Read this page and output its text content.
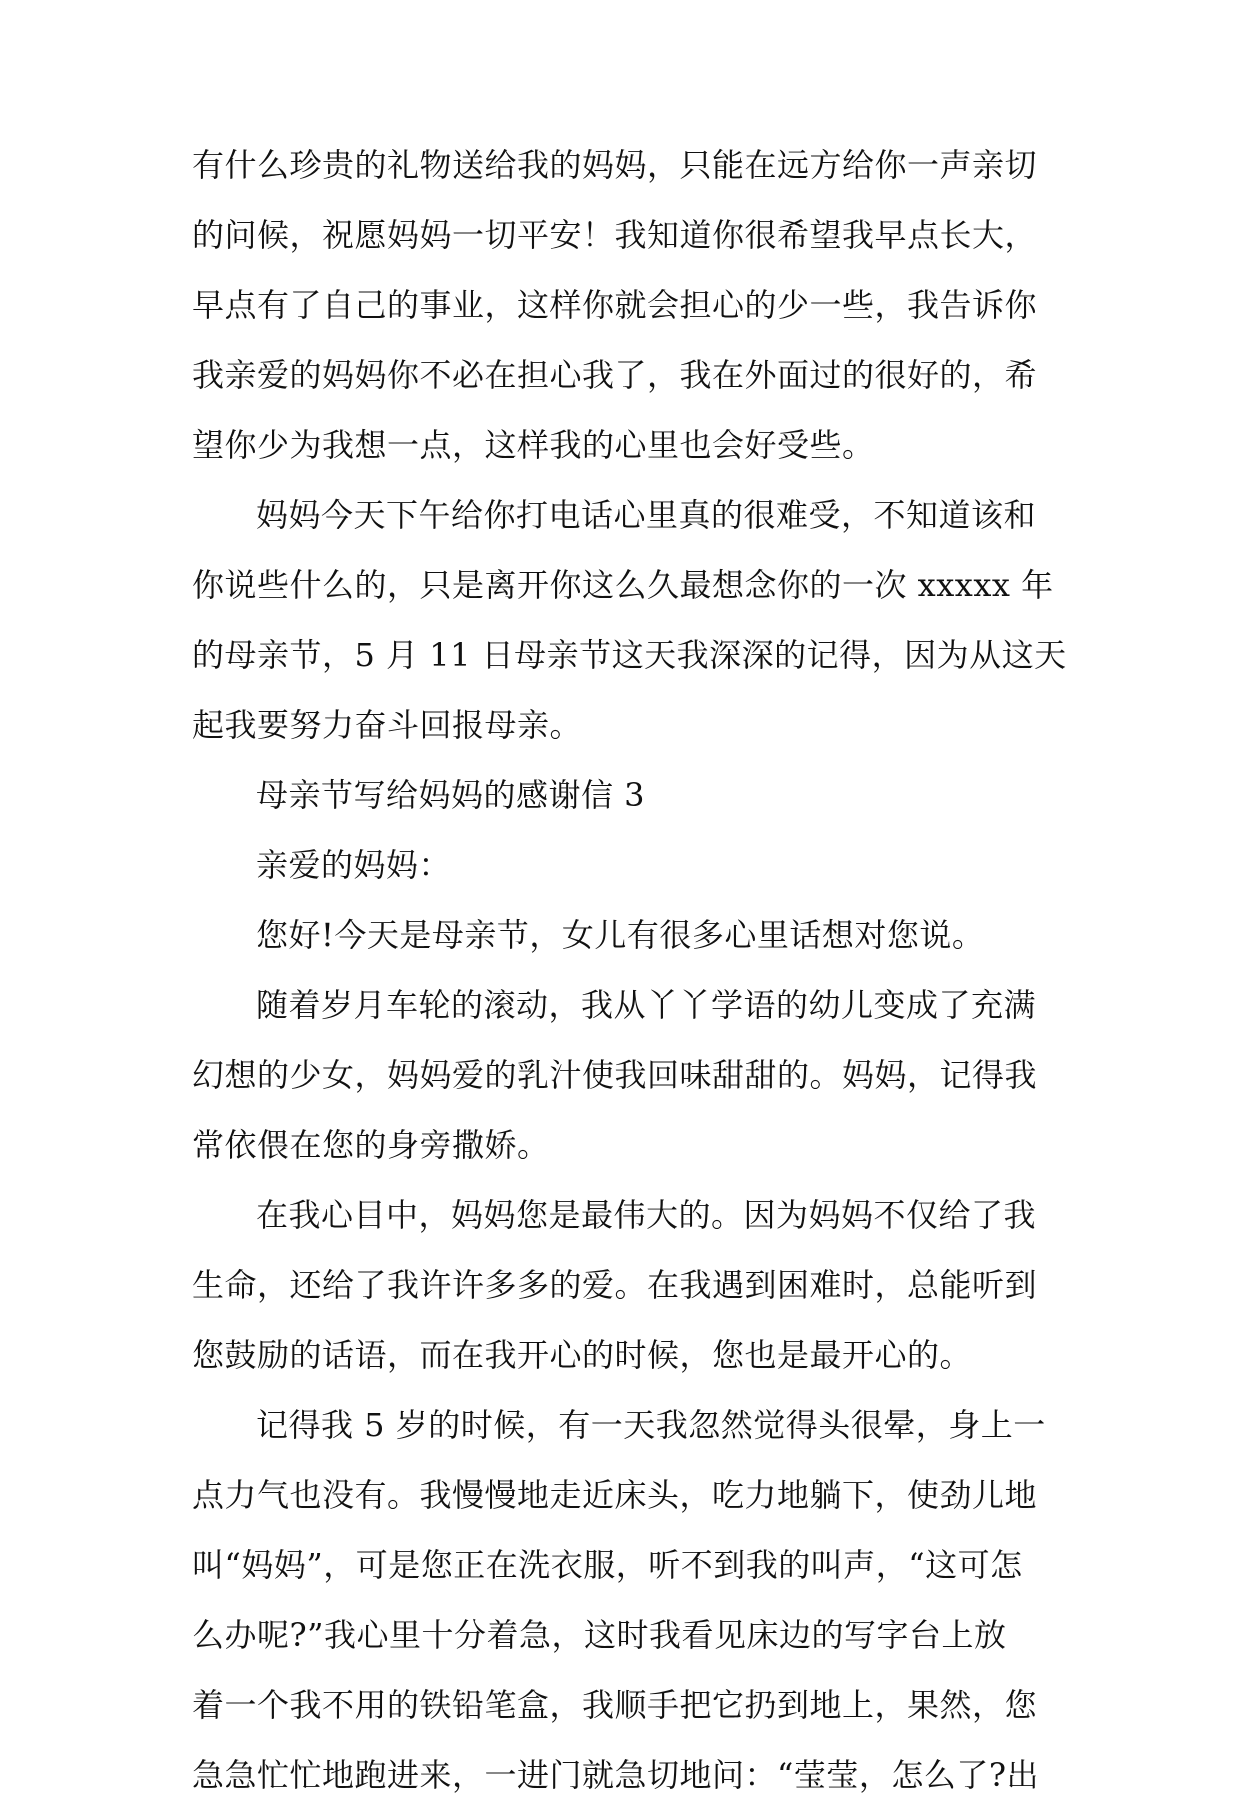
有什么珍贵的礼物送给我的妈妈，只能在远方给你一声亲切
的问候，祝愿妈妈一切平安！我知道你很希望我早点长大，
早点有了自己的事业，这样你就会担心的少一些，我告诉你
我亲爱的妈妈你不必在担心我了，我在外面过的很好的，希
望你少为我想一点，这样我的心里也会好受些。
妈妈今天下午给你打电话心里真的很难受，不知道该和
你说些什么的，只是离开你这么久最想念你的一次 xxxxx 年
的母亲节，5 月 11 日母亲节这天我深深的记得，因为从这天
起我要努力奋斗回报母亲。
母亲节写给妈妈的感谢信 3
亲爱的妈妈：
您好!今天是母亲节，女儿有很多心里话想对您说。
随着岁月车轮的滚动，我从丫丫学语的幼儿变成了充满
幻想的少女，妈妈爱的乳汁使我回味甜甜的。妈妈，记得我
常依偎在您的身旁撒娇。
在我心目中，妈妈您是最伟大的。因为妈妈不仅给了我
生命，还给了我许许多多的爱。在我遇到困难时，总能听到
您鼓励的话语，而在我开心的时候，您也是最开心的。
记得我 5 岁的时候，有一天我忽然觉得头很晕，身上一
点力气也没有。我慢慢地走近床头，吃力地躺下，使劲儿地
叫“妈妈”，可是您正在洗衣服，听不到我的叫声，“这可怎
么办呢?”我心里十分着急，这时我看见床边的写字台上放
着一个我不用的铁铅笔盒，我顺手把它扔到地上，果然，您
急急忙忙地跑进来，一进门就急切地问：“莹莹，怎么了?出
